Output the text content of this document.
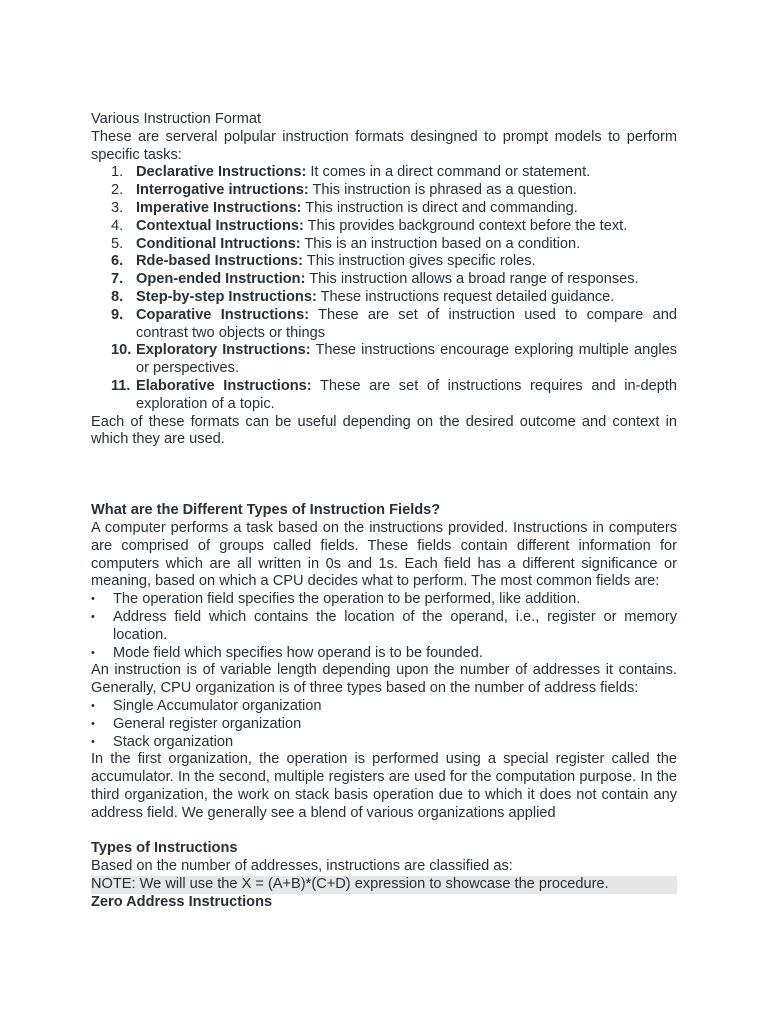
Various Instruction Format

These are serveral polpular instruction formats desingned to prompt models to perform specific tasks:

1. Declarative Instructions: It comes in a direct command or statement.
2. Interrogative intructions: This instruction is phrased as a question.
3. Imperative Instructions: This instruction is direct and commanding.
4. Contextual Instructions: This provides background context before the text.
5. Conditional Intructions: This is an instruction based on a condition.
6. Rde-based Instructions: This instruction gives specific roles.
7. Open-ended Instruction: This instruction allows a broad range of responses.
8. Step-by-step Instructions: These instructions request detailed guidance.
9. Coparative Instructions: These are set of instruction used to compare and contrast two objects or things
10. Exploratory Instructions: These instructions encourage exploring multiple angles or perspectives.
11. Elaborative Instructions: These are set of instructions requires and in-depth exploration of a topic.

Each of these formats can be useful depending on the desired outcome and context in which they are used.

What are the Different Types of Instruction Fields?

A computer performs a task based on the instructions provided. Instructions in computers are comprised of groups called fields. These fields contain different information for computers which are all written in 0s and 1s. Each field has a different significance or meaning, based on which a CPU decides what to perform. The most common fields are:

•	The operation field specifies the operation to be performed, like addition.
•	Address field which contains the location of the operand, i.e., register or memory location.
•	Mode field which specifies how operand is to be founded.

An instruction is of variable length depending upon the number of addresses it contains. Generally, CPU organization is of three types based on the number of address fields:

•	Single Accumulator organization
•	General register organization
•	Stack organization

In the first organization, the operation is performed using a special register called the accumulator. In the second, multiple registers are used for the computation purpose. In the third organization, the work on stack basis operation due to which it does not contain any address field. We generally see a blend of various organizations applied

Types of Instructions

Based on the number of addresses, instructions are classified as:

NOTE: We will use the X = (A+B)*(C+D) expression to showcase the procedure.

Zero Address Instructions
